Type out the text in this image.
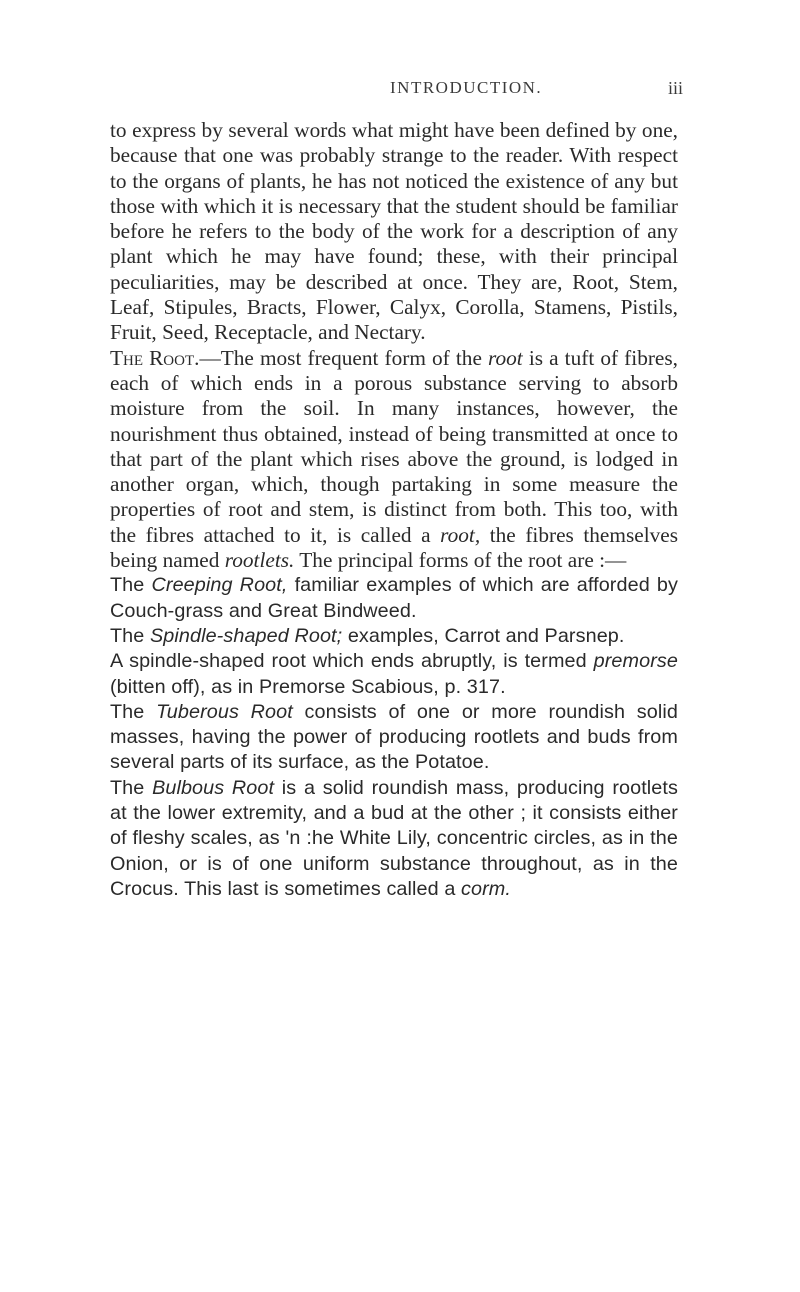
INTRODUCTION.	iii

to express by several words what might have been defined by one, because that one was probably strange to the reader. With respect to the organs of plants, he has not noticed the existence of any but those with which it is necessary that the student should be familiar before he refers to the body of the work for a description of any plant which he may have found; these, with their principal peculiarities, may be described at once. They are, Root, Stem, Leaf, Stipules, Bracts, Flower, Calyx, Corolla, Stamens, Pistils, Fruit, Seed, Receptacle, and Nectary.

The Root.—The most frequent form of the root is a tuft of fibres, each of which ends in a porous substance serving to absorb moisture from the soil. In many instances, however, the nourishment thus obtained, instead of being transmitted at once to that part of the plant which rises above the ground, is lodged in another organ, which, though partaking in some measure the properties of root and stem, is distinct from both. This too, with the fibres attached to it, is called a root, the fibres themselves being named rootlets. The principal forms of the root are :—

The Creeping Root, familiar examples of which are afforded by Couch-grass and Great Bindweed.

The Spindle-shaped Root; examples, Carrot and Parsnep.

A spindle-shaped root which ends abruptly, is termed premorse (bitten off), as in Premorse Scabious, p. 317.

The Tuberous Root consists of one or more roundish solid masses, having the power of producing rootlets and buds from several parts of its surface, as the Potatoe.

The Bulbous Root is a solid roundish mass, producing rootlets at the lower extremity, and a bud at the other ; it consists either of fleshy scales, as 'n :he White Lily, concentric circles, as in the Onion, or is of one uniform substance throughout, as in the Crocus. This last is sometimes called a corm.
